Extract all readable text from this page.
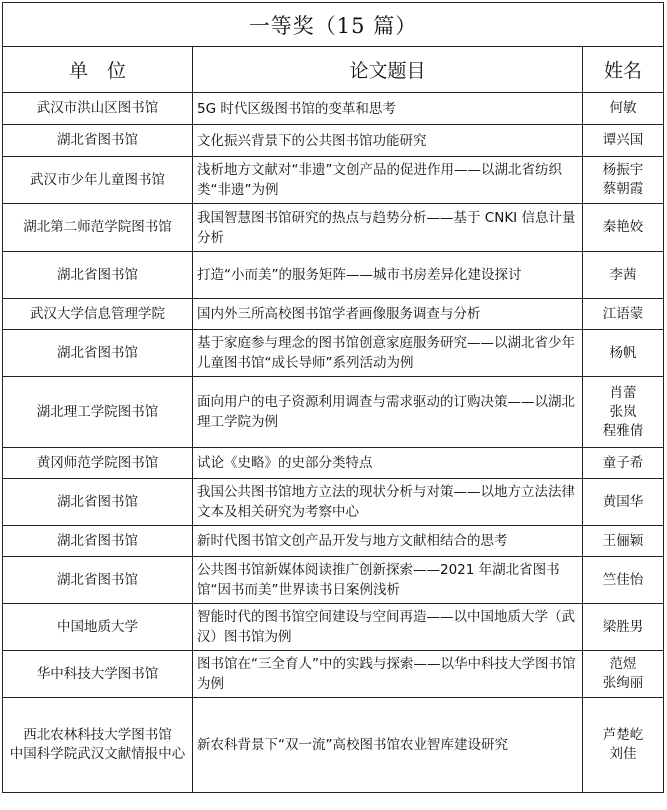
一等奖（15 篇）		
单　位	论文题目	姓名
武汉市洪山区图书馆	5G 时代区级图书馆的变革和思考	何敏

湖北省图书馆	文化振兴背景下的公共图书馆功能研究	谭兴国

武汉市少年儿童图书馆	浅析地方文献对“非遗”文创产品的促进作用——以湖北省纺织类“非遗”为例	杨振宇
蔡朝霞

湖北第二师范学院图书馆	我国智慧图书馆研究的热点与趋势分析——基于 CNKI 信息计量分析	秦艳姣

湖北省图书馆	打造“小而美”的服务矩阵——城市书房差异化建设探讨	李茜

武汉大学信息管理学院	国内外三所高校图书馆学者画像服务调查与分析	江语蒙

湖北省图书馆	基于家庭参与理念的图书馆创意家庭服务研究——以湖北省少年儿童图书馆“成长导师”系列活动为例	杨帆

湖北理工学院图书馆	面向用户的电子资源利用调查与需求驱动的订购决策——以湖北理工学院为例	肖蕾
张岚
程雅倩

黄冈师范学院图书馆	试论《史略》的史部分类特点	童子希

湖北省图书馆	我国公共图书馆地方立法的现状分析与对策——以地方立法法律文本及相关研究为考察中心	黄国华

湖北省图书馆	新时代图书馆文创产品开发与地方文献相结合的思考	王俪颖

湖北省图书馆	公共图书馆新媒体阅读推广创新探索——2021 年湖北省图书馆“因书而美”世界读书日案例浅析	竺佳怡

中国地质大学	智能时代的图书馆空间建设与空间再造——以中国地质大学（武汉）图书馆为例	梁胜男

华中科技大学图书馆	图书馆在“三全育人”中的实践与探索——以华中科技大学图书馆为例	范煜
张绚丽

西北农林科技大学图书馆
中国科学院武汉文献情报中心	新农科背景下“双一流”高校图书馆农业智库建设研究	芦楚屹
刘佳
